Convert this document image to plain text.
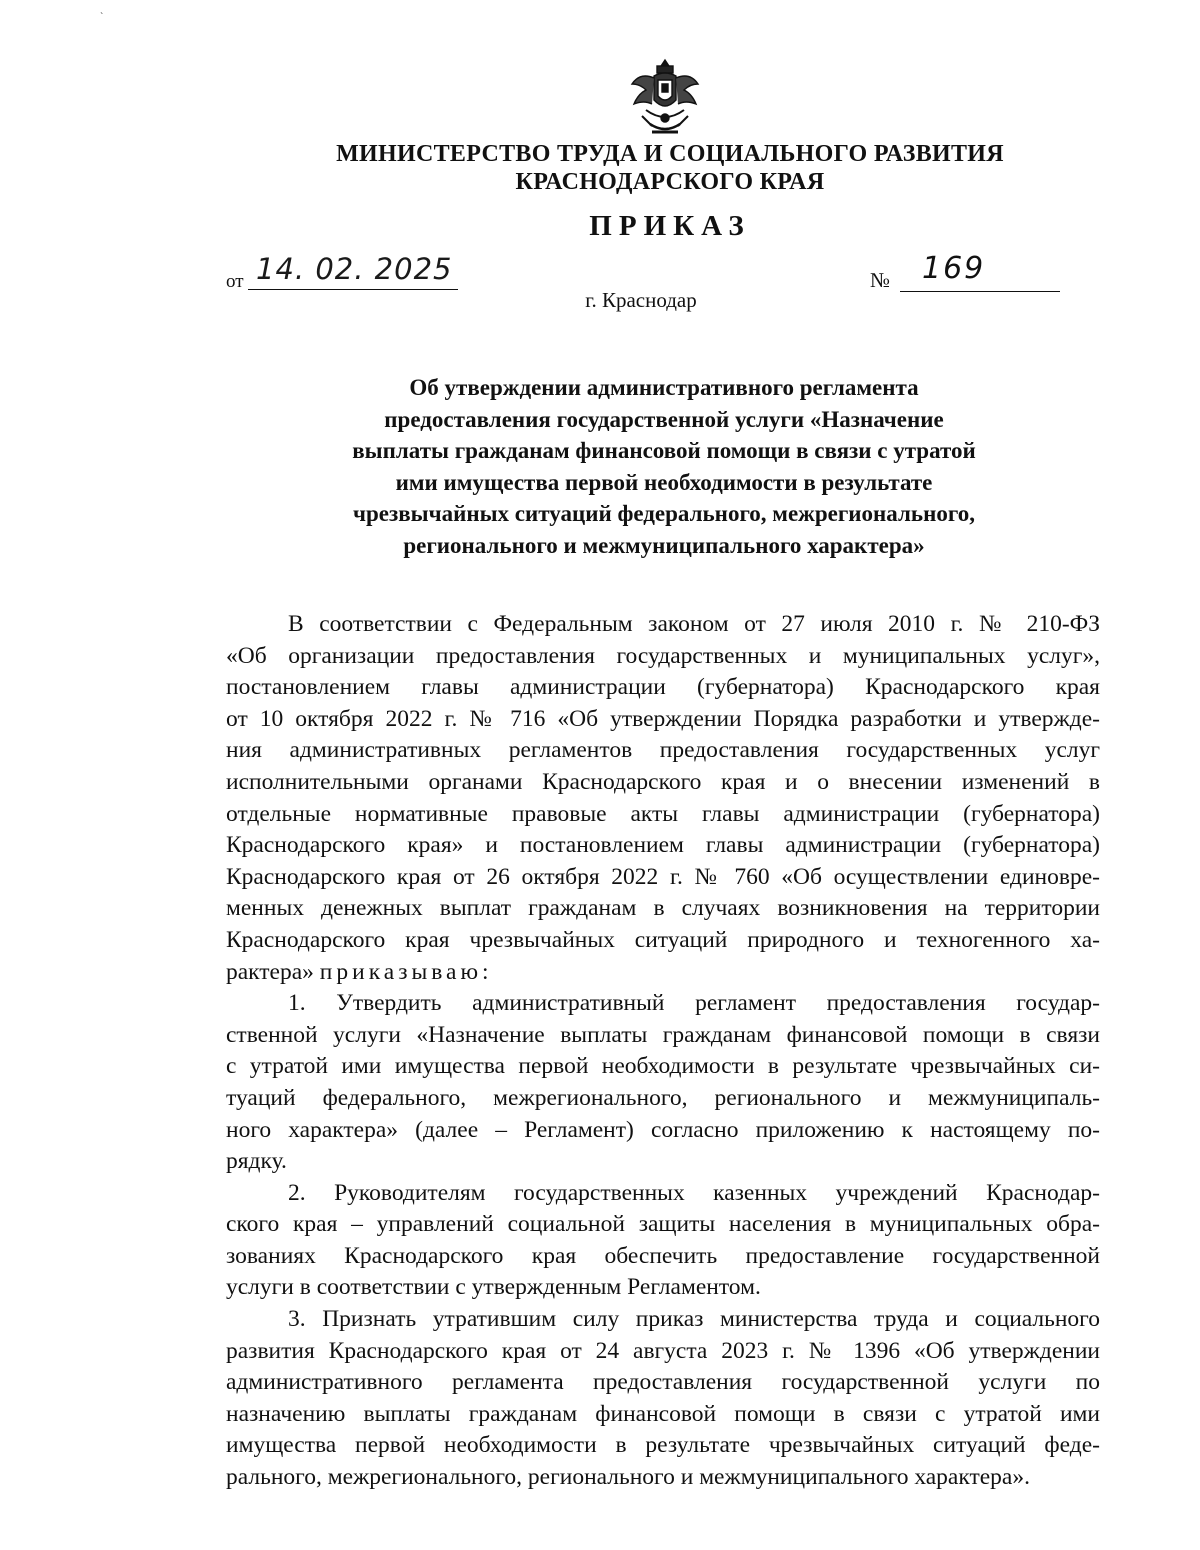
`
МИНИСТЕРСТВО ТРУДА И СОЦИАЛЬНОГО РАЗВИТИЯ
КРАСНОДАРСКОГО КРАЯ
ПРИКАЗ
от 14. 02. 2025	№	169
г. Краснодар
Об утверждении административного регламента
предоставления государственной услуги «Назначение
выплаты гражданам финансовой помощи в связи с утратой
ими имущества первой необходимости в результате
чрезвычайных ситуаций федерального, межрегионального,
регионального и межмуниципального характера»

В соответствии с Федеральным законом от 27 июля 2010 г. № 210-ФЗ

«Об организации предоставления государственных и муниципальных услуг»,

постановлением главы администрации (губернатора) Краснодарского края

от 10 октября 2022 г. № 716 «Об утверждении Порядка разработки и утвержде-

ния административных регламентов предоставления государственных услуг

исполнительными органами Краснодарского края и о внесении изменений в

отдельные нормативные правовые акты главы администрации (губернатора)

Краснодарского края» и постановлением главы администрации (губернатора)

Краснодарского края от 26 октября 2022 г. № 760 «Об осуществлении единовре-

менных денежных выплат гражданам в случаях возникновения на территории

Краснодарского края чрезвычайных ситуаций природного и техногенного ха-

рактера» приказываю:

1. Утвердить административный регламент предоставления государ-

ственной услуги «Назначение выплаты гражданам финансовой помощи в связи

с утратой ими имущества первой необходимости в результате чрезвычайных си-

туаций федерального, межрегионального, регионального и межмуниципаль-

ного характера» (далее – Регламент) согласно приложению к настоящему по-

рядку.

2. Руководителям государственных казенных учреждений Краснодар-

ского края – управлений социальной защиты населения в муниципальных обра-

зованиях Краснодарского края обеспечить предоставление государственной

услуги в соответствии с утвержденным Регламентом.

3. Признать утратившим силу приказ министерства труда и социального

развития Краснодарского края от 24 августа 2023 г. № 1396 «Об утверждении

административного регламента предоставления государственной услуги по

назначению выплаты гражданам финансовой помощи в связи с утратой ими

имущества первой необходимости в результате чрезвычайных ситуаций феде-

рального, межрегионального, регионального и межмуниципального характера».
